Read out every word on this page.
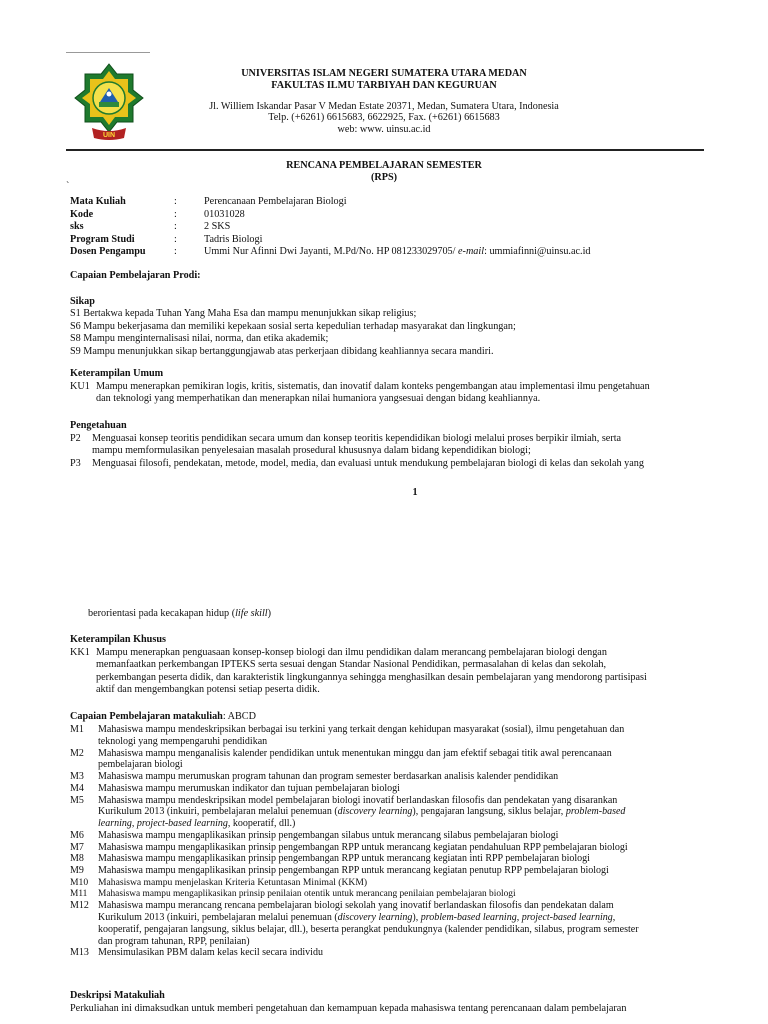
UIN
UNIVERSITAS ISLAM NEGERI SUMATERA UTARA MEDAN
FAKULTAS ILMU TARBIYAH DAN KEGURUAN
Jl. Williem Iskandar Pasar V Medan Estate 20371, Medan, Sumatera Utara, Indonesia
Telp. (+6261) 6615683, 6622925, Fax. (+6261) 6615683
web: www. uinsu.ac.id
RENCANA PEMBELAJARAN SEMESTER
(RPS)
`
Mata Kuliah	:	Perencanaan Pembelajaran Biologi
Kode	:	01031028
sks	:	2 SKS
Program Studi	:	Tadris Biologi
Dosen Pengampu	:	Ummi Nur Afinni Dwi Jayanti, M.Pd/No. HP 081233029705/ e-mail: ummiafinni@uinsu.ac.id
Capaian Pembelajaran Prodi:
Sikap
S1 Bertakwa kepada Tuhan Yang Maha Esa dan mampu menunjukkan sikap religius;
S6 Mampu bekerjasama dan memiliki kepekaan sosial serta kepedulian terhadap masyarakat dan lingkungan;
S8 Mampu menginternalisasi nilai, norma, dan etika akademik;
S9 Mampu menunjukkan sikap bertanggungjawab atas perkerjaan dibidang keahliannya secara mandiri.
Keterampilan Umum
KU1 Mampu menerapkan pemikiran logis, kritis, sistematis, dan inovatif dalam konteks pengembangan atau implementasi ilmu pengetahuan
dan teknologi yang memperhatikan dan menerapkan nilai humaniora yangsesuai dengan bidang keahliannya.
Pengetahuan
P2	Menguasai konsep teoritis pendidikan secara umum dan konsep teoritis kependidikan biologi melalui proses berpikir ilmiah, serta
mampu memformulasikan penyelesaian masalah prosedural khususnya dalam bidang kependidikan biologi;
P3	Menguasai filosofi, pendekatan, metode, model, media, dan evaluasi untuk mendukung pembelajaran biologi di kelas dan sekolah yang
1
berorientasi pada kecakapan hidup (life skill)
Keterampilan Khusus
KK1 Mampu menerapkan penguasaan konsep-konsep biologi dan ilmu pendidikan dalam merancang pembelajaran biologi dengan
memanfaatkan perkembangan IPTEKS serta sesuai dengan Standar Nasional Pendidikan, permasalahan di kelas dan sekolah,
perkembangan peserta didik, dan karakteristik lingkungannya sehingga menghasilkan desain pembelajaran yang mendorong partisipasi
aktif dan mengembangkan potensi setiap peserta didik.
Capaian Pembelajaran matakuliah: ABCD
M1	Mahasiswa mampu mendeskripsikan berbagai isu terkini yang terkait dengan kehidupan masyarakat (sosial), ilmu pengetahuan dan
teknologi yang mempengaruhi pendidikan
M2	Mahasiswa mampu menganalisis kalender pendidikan untuk menentukan minggu dan jam efektif sebagai titik awal perencanaan
pembelajaran biologi
M3	Mahasiswa mampu merumuskan program tahunan dan program semester berdasarkan analisis kalender pendidikan
M4	Mahasiswa mampu merumuskan indikator dan tujuan pembelajaran biologi
M5	Mahasiswa mampu mendeskripsikan model pembelajaran biologi inovatif berlandaskan filosofis dan pendekatan yang disarankan
Kurikulum 2013 (inkuiri, pembelajaran melalui penemuan (discovery learning), pengajaran langsung, siklus belajar, problem-based
learning, project-based learning, kooperatif, dll.)
M6	Mahasiswa mampu mengaplikasikan prinsip pengembangan silabus untuk merancang silabus pembelajaran biologi
M7	Mahasiswa mampu mengaplikasikan prinsip pengembangan RPP untuk merancang kegiatan pendahuluan RPP pembelajaran biologi
M8	Mahasiswa mampu mengaplikasikan prinsip pengembangan RPP untuk merancang kegiatan inti RPP pembelajaran biologi
M9	Mahasiswa mampu mengaplikasikan prinsip pengembangan RPP untuk merancang kegiatan penutup RPP pembelajaran biologi
M10	Mahasiswa mampu menjelaskan Kriteria Ketuntasan Minimal (KKM)
M11	Mahasiswa mampu mengaplikasikan prinsip penilaian otentik untuk merancang penilaian pembelajaran biologi
M12 Mahasiswa mampu merancang rencana pembelajaran biologi sekolah yang inovatif berlandaskan filosofis dan pendekatan dalam
Kurikulum 2013 (inkuiri, pembelajaran melalui penemuan (discovery learning), problem-based learning, project-based learning,
kooperatif, pengajaran langsung, siklus belajar, dll.), beserta perangkat pendukungnya (kalender pendidikan, silabus, program semester
dan program tahunan, RPP, penilaian)
M13 Mensimulasikan PBM dalam kelas kecil secara individu
Deskripsi Matakuliah
Perkuliahan ini dimaksudkan untuk memberi pengetahuan dan kemampuan kepada mahasiswa tentang perencanaan dalam pembelajaran
